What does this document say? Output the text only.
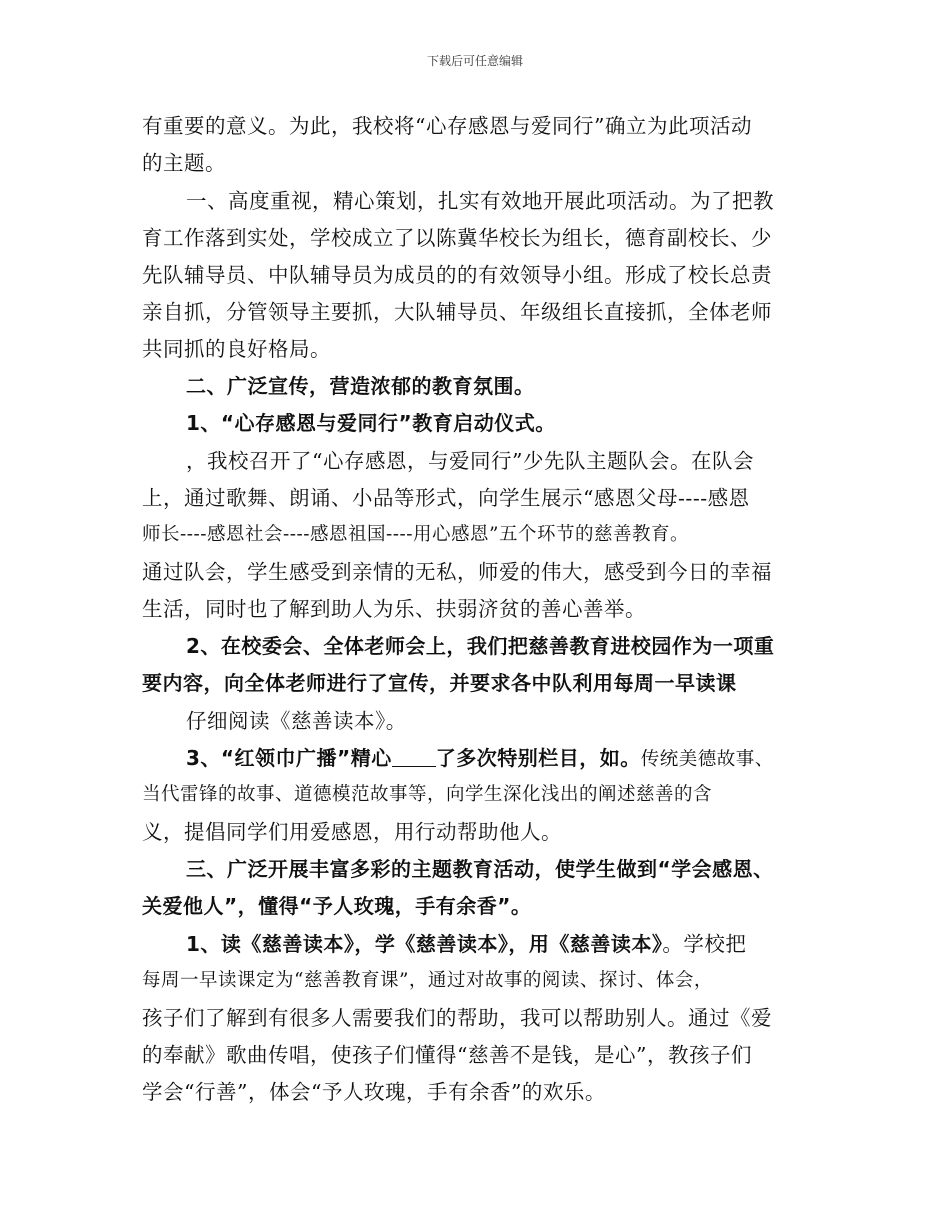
下载后可任意编辑
有重要的意义。为此，我校将“心存感恩与爱同行”确立为此项活动
的主题。
一、高度重视，精心策划，扎实有效地开展此项活动。为了把教
育工作落到实处，学校成立了以陈冀华校长为组长，德育副校长、少
先队辅导员、中队辅导员为成员的的有效领导小组。形成了校长总责
亲自抓，分管领导主要抓，大队辅导员、年级组长直接抓，全体老师
共同抓的良好格局。
二、广泛宣传，营造浓郁的教育氛围。
1、“心存感恩与爱同行”教育启动仪式。
，我校召开了“心存感恩，与爱同行”少先队主题队会。在队会
上，通过歌舞、朗诵、小品等形式，向学生展示“感恩父母----感恩
师长----感恩社会----感恩祖国----用心感恩”五个环节的慈善教育。
通过队会，学生感受到亲情的无私，师爱的伟大，感受到今日的幸福
生活，同时也了解到助人为乐、扶弱济贫的善心善举。
2、在校委会、全体老师会上，我们把慈善教育进校园作为一项重
要内容，向全体老师进行了宣传，并要求各中队利用每周一早读课
仔细阅读《慈善读本》。
3、“红领巾广播”精心 了多次特别栏目，如。传统美德故事、
当代雷锋的故事、道德模范故事等，向学生深化浅出的阐述慈善的含
义，提倡同学们用爱感恩，用行动帮助他人。
三、广泛开展丰富多彩的主题教育活动，使学生做到“学会感恩、
关爱他人”，懂得“予人玫瑰，手有余香”。
1、读《慈善读本》，学《慈善读本》，用《慈善读本》。学校把
每周一早读课定为“慈善教育课”，通过对故事的阅读、探讨、体会，
孩子们了解到有很多人需要我们的帮助，我可以帮助别人。通过《爱
的奉献》歌曲传唱，使孩子们懂得“慈善不是钱，是心”，教孩子们
学会“行善”，体会“予人玫瑰，手有余香”的欢乐。
